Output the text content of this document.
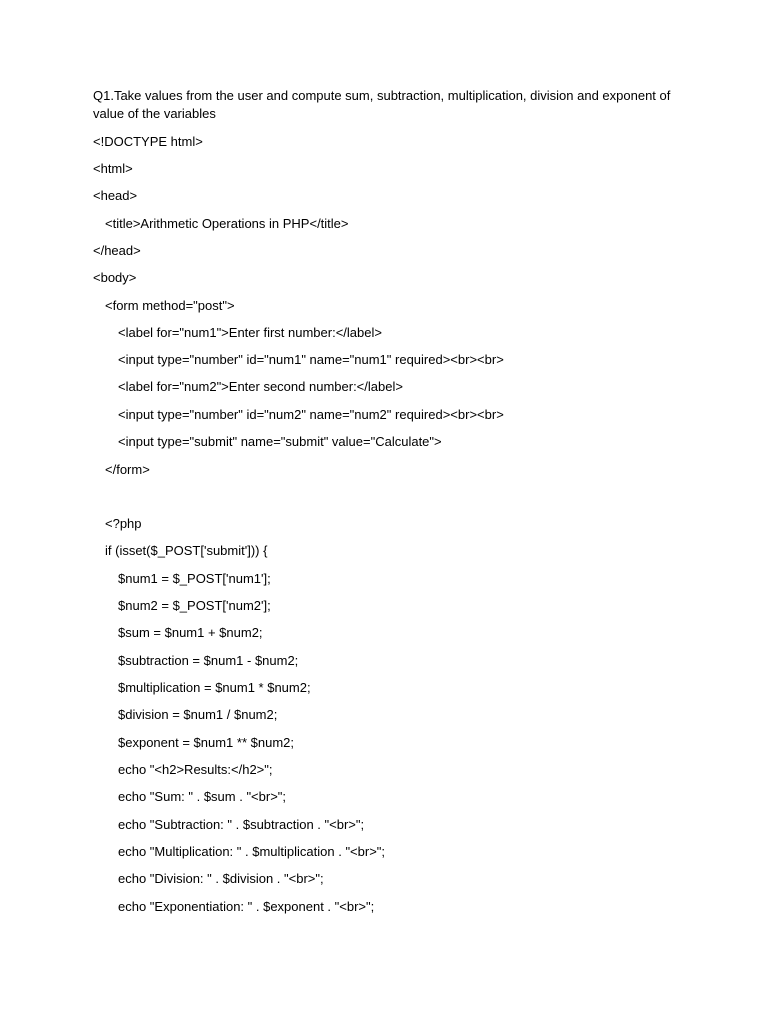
Q1.Take values from the user and compute sum, subtraction, multiplication, division and exponent of value of the variables

<!DOCTYPE html>
<html>
<head>
<title>Arithmetic Operations in PHP</title>
</head>
<body>
<form method="post">
<label for="num1">Enter first number:</label>
<input type="number" id="num1" name="num1" required><br><br>
<label for="num2">Enter second number:</label>
<input type="number" id="num2" name="num2" required><br><br>
<input type="submit" name="submit" value="Calculate">
</form>
<?php
if (isset($_POST['submit'])) {
$num1 = $_POST['num1'];
$num2 = $_POST['num2'];
$sum = $num1 + $num2;
$subtraction = $num1 - $num2;
$multiplication = $num1 * $num2;
$division = $num1 / $num2;
$exponent = $num1 ** $num2;
echo "<h2>Results:</h2>";
echo "Sum: " . $sum . "<br>";
echo "Subtraction: " . $subtraction . "<br>";
echo "Multiplication: " . $multiplication . "<br>";
echo "Division: " . $division . "<br>";
echo "Exponentiation: " . $exponent . "<br>";
